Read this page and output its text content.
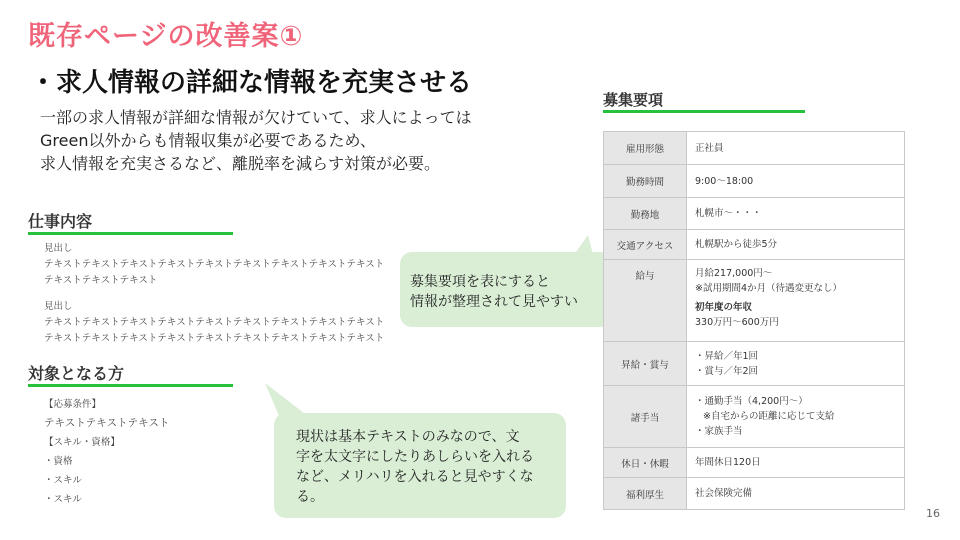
既存ページの改善案①
・求人情報の詳細な情報を充実させる
一部の求人情報が詳細な情報が欠けていて、求人によっては
Green以外からも情報収集が必要であるため、
求人情報を充実さるなど、離脱率を減らす対策が必要。
仕事内容
見出し
テキストテキストテキストテキストテキストテキストテキストテキストテキスト
テキストテキストテキスト
見出し
テキストテキストテキストテキストテキストテキストテキストテキストテキスト
テキストテキストテキストテキストテキストテキストテキストテキストテキスト
対象となる方
【応募条件】
テキストテキストテキスト
【スキル・資格】
・資格
・スキル
・スキル
募集要項を表にすると
情報が整理されて見やすい
現状は基本テキストのみなので、文
字を太文字にしたりあしらいを入れる
など、メリハリを入れると見やすくな
る。
募集要項
雇用形態	正社員

勤務時間	9:00〜18:00

勤務地	札幌市〜・・・

交通アクセス	札幌駅から徒歩5分

給与	月給217,000円〜
※試用期間4か月（待遇変更なし）
初年度の年収
330万円〜600万円

昇給・賞与	・昇給／年1回
・賞与／年2回

諸手当	・通勤手当（4,200円〜）
※自宅からの距離に応じて支給
・家族手当

休日・休暇	年間休日120日

福利厚生	社会保険完備
16
